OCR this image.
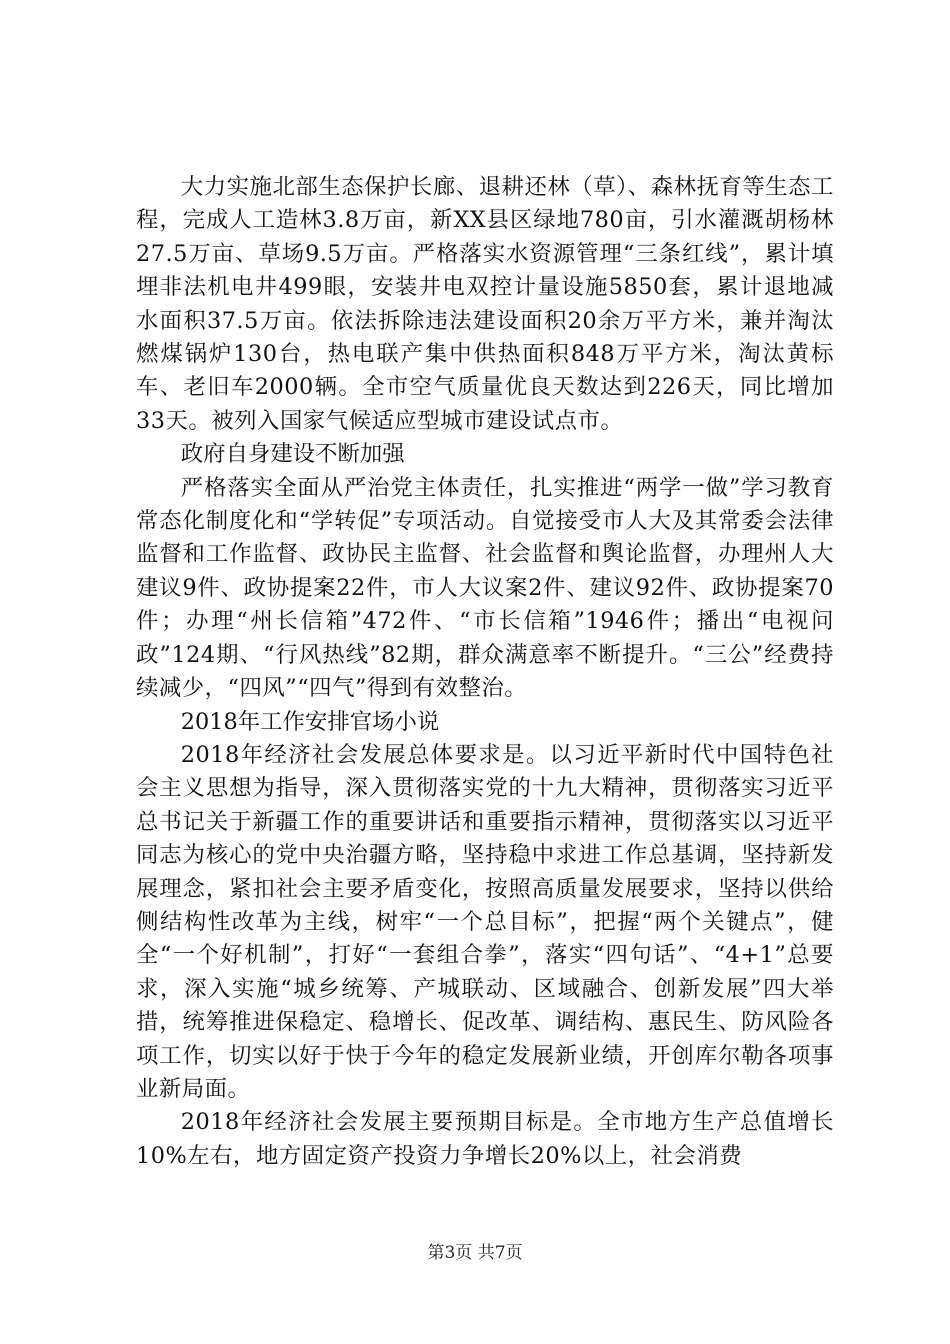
大力实施北部生态保护长廊、退耕还林（草）、森林抚育等生态工程，完成人工造林3.8万亩，新XX县区绿地780亩，引水灌溉胡杨林27.5万亩、草场9.5万亩。严格落实水资源管理“三条红线”，累计填埋非法机电井499眼，安装井电双控计量设施5850套，累计退地减水面积37.5万亩。依法拆除违法建设面积20余万平方米，兼并淘汰燃煤锅炉130台，热电联产集中供热面积848万平方米，淘汰黄标车、老旧车2000辆。全市空气质量优良天数达到226天，同比增加33天。被列入国家气候适应型城市建设试点市。

政府自身建设不断加强

严格落实全面从严治党主体责任，扎实推进“两学一做”学习教育常态化制度化和“学转促”专项活动。自觉接受市人大及其常委会法律监督和工作监督、政协民主监督、社会监督和舆论监督，办理州人大建议9件、政协提案22件，市人大议案2件、建议92件、政协提案70件；办理“州长信箱”472件、“市长信箱”1946件；播出“电视问政”124期、“行风热线”82期，群众满意率不断提升。“三公”经费持续减少，“四风”“四气”得到有效整治。

2018年工作安排官场小说

2018年经济社会发展总体要求是。以习近平新时代中国特色社会主义思想为指导，深入贯彻落实党的十九大精神，贯彻落实习近平总书记关于新疆工作的重要讲话和重要指示精神，贯彻落实以习近平同志为核心的党中央治疆方略，坚持稳中求进工作总基调，坚持新发展理念，紧扣社会主要矛盾变化，按照高质量发展要求，坚持以供给侧结构性改革为主线，树牢“一个总目标”，把握“两个关键点”，健全“一个好机制”，打好“一套组合拳”，落实“四句话”、“4+1”总要求，深入实施“城乡统筹、产城联动、区域融合、创新发展”四大举措，统筹推进保稳定、稳增长、促改革、调结构、惠民生、防风险各项工作，切实以好于快于今年的稳定发展新业绩，开创库尔勒各项事业新局面。

2018年经济社会发展主要预期目标是。全市地方生产总值增长10%左右，地方固定资产投资力争增长20%以上，社会消费

第3页 共7页
